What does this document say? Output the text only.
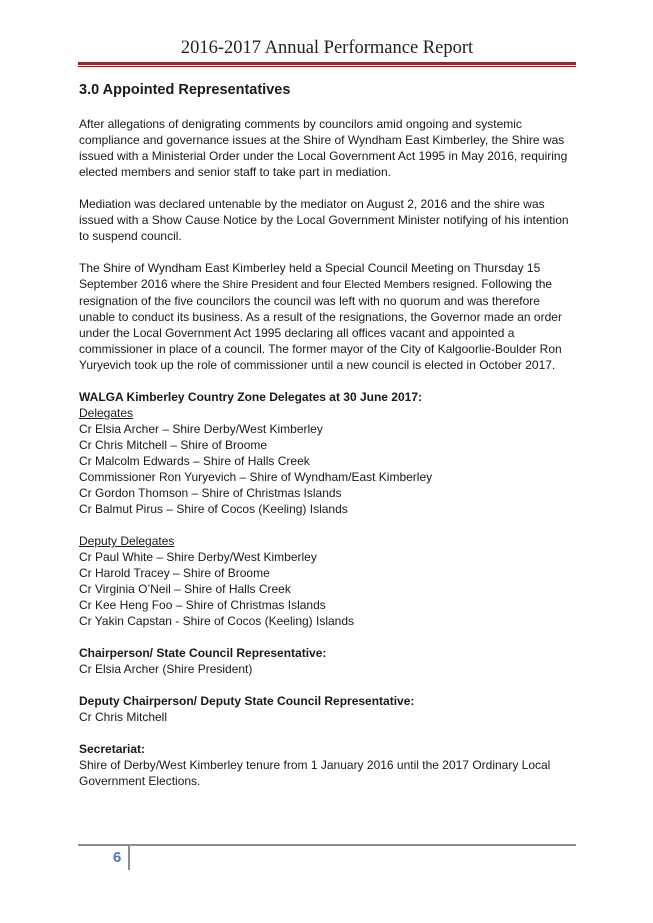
2016-2017 Annual Performance Report
3.0 Appointed Representatives

After allegations of denigrating comments by councilors amid ongoing and systemic compliance and governance issues at the Shire of Wyndham East Kimberley, the Shire was issued with a Ministerial Order under the Local Government Act 1995 in May 2016, requiring elected members and senior staff to take part in mediation.

Mediation was declared untenable by the mediator on August 2, 2016 and the shire was issued with a Show Cause Notice by the Local Government Minister notifying of his intention to suspend council.

The Shire of Wyndham East Kimberley held a Special Council Meeting on Thursday 15 September 2016 where the Shire President and four Elected Members resigned. Following the resignation of the five councilors the council was left with no quorum and was therefore unable to conduct its business. As a result of the resignations, the Governor made an order under the Local Government Act 1995 declaring all offices vacant and appointed a commissioner in place of a council. The former mayor of the City of Kalgoorlie-Boulder Ron Yuryevich took up the role of commissioner until a new council is elected in October 2017.

WALGA Kimberley Country Zone Delegates at 30 June 2017:
Delegates
Cr Elsia Archer – Shire Derby/West Kimberley
Cr Chris Mitchell – Shire of Broome
Cr Malcolm Edwards – Shire of Halls Creek
Commissioner Ron Yuryevich – Shire of Wyndham/East Kimberley
Cr Gordon Thomson – Shire of Christmas Islands
Cr Balmut Pirus – Shire of Cocos (Keeling) Islands
Deputy Delegates
Cr Paul White – Shire Derby/West Kimberley
Cr Harold Tracey – Shire of Broome
Cr Virginia O’Neil – Shire of Halls Creek
Cr Kee Heng Foo – Shire of Christmas Islands
Cr Yakin Capstan - Shire of Cocos (Keeling) Islands
Chairperson/ State Council Representative:
Cr Elsia Archer (Shire President)
Deputy Chairperson/ Deputy State Council Representative:
Cr Chris Mitchell
Secretariat:
Shire of Derby/West Kimberley tenure from 1 January 2016 until the 2017 Ordinary Local Government Elections.
6
